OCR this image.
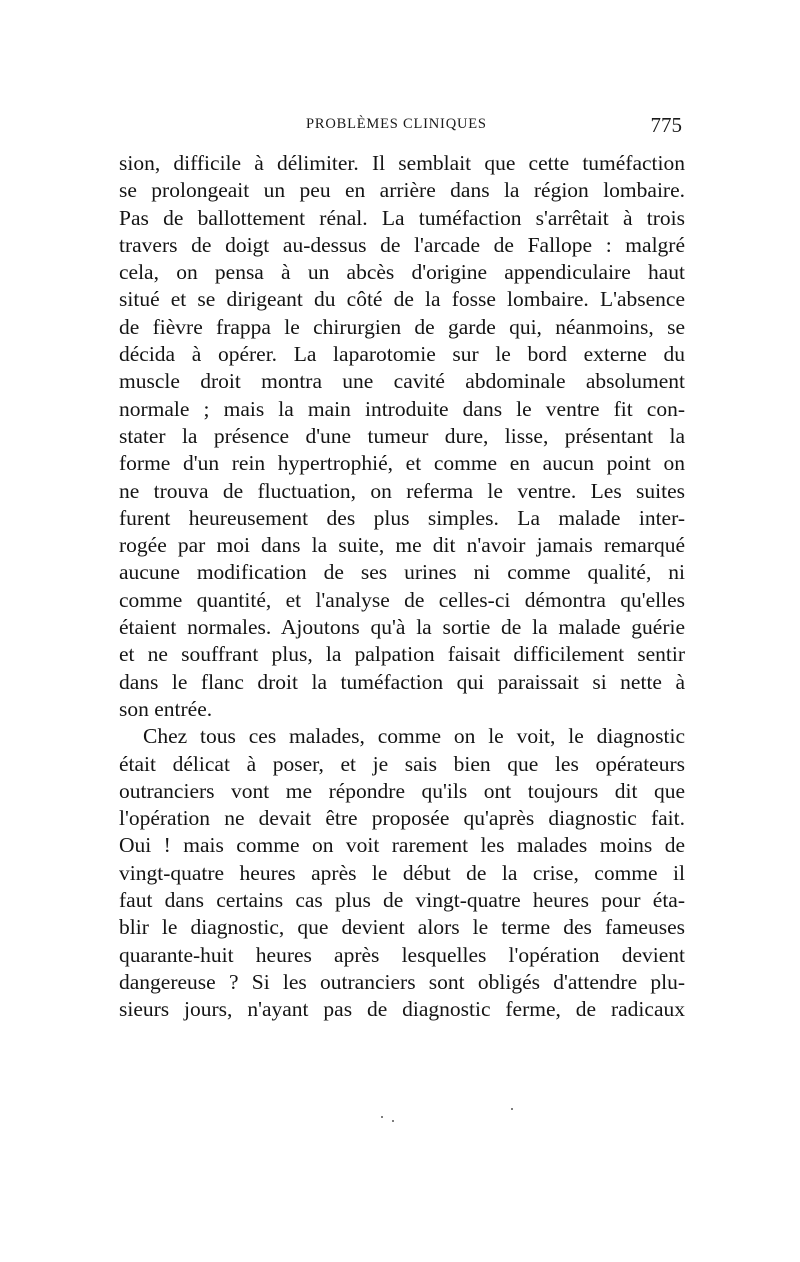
PROBLÈMES CLINIQUES	775
sion, difficile à délimiter. Il semblait que cette tuméfaction
se prolongeait un peu en arrière dans la région lombaire.
Pas de ballottement rénal. La tuméfaction s'arrêtait à trois
travers de doigt au-dessus de l'arcade de Fallope : malgré
cela, on pensa à un abcès d'origine appendiculaire haut
situé et se dirigeant du côté de la fosse lombaire. L'absence
de fièvre frappa le chirurgien de garde qui, néanmoins, se
décida à opérer. La laparotomie sur le bord externe du
muscle droit montra une cavité abdominale absolument
normale ; mais la main introduite dans le ventre fit con-
stater la présence d'une tumeur dure, lisse, présentant la
forme d'un rein hypertrophié, et comme en aucun point on
ne trouva de fluctuation, on referma le ventre. Les suites
furent heureusement des plus simples. La malade inter-
rogée par moi dans la suite, me dit n'avoir jamais remarqué
aucune modification de ses urines ni comme qualité, ni
comme quantité, et l'analyse de celles-ci démontra qu'elles
étaient normales. Ajoutons qu'à la sortie de la malade guérie
et ne souffrant plus, la palpation faisait difficilement sentir
dans le flanc droit la tuméfaction qui paraissait si nette à
son entrée.
Chez tous ces malades, comme on le voit, le diagnostic
était délicat à poser, et je sais bien que les opérateurs
outranciers vont me répondre qu'ils ont toujours dit que
l'opération ne devait être proposée qu'après diagnostic fait.
Oui ! mais comme on voit rarement les malades moins de
vingt-quatre heures après le début de la crise, comme il
faut dans certains cas plus de vingt-quatre heures pour éta-
blir le diagnostic, que devient alors le terme des fameuses
quarante-huit heures après lesquelles l'opération devient
dangereuse ? Si les outranciers sont obligés d'attendre plu-
sieurs jours, n'ayant pas de diagnostic ferme, de radicaux
